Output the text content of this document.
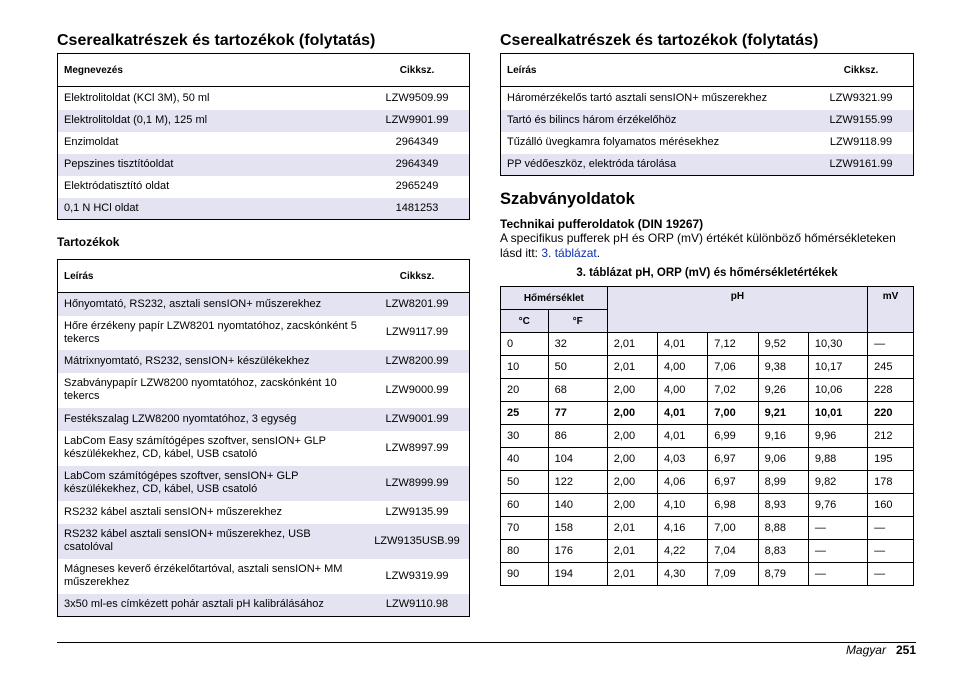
Cserealkatrészek és tartozékok (folytatás)
Megnevezés	Cikksz.
Elektrolitoldat (KCl 3M), 50 ml	LZW9509.99
Elektrolitoldat (0,1 M), 125 ml	LZW9901.99
Enzimoldat	2964349
Pepszines tisztítóoldat	2964349
Elektródatisztító oldat	2965249
0,1 N HCl oldat	1481253
Tartozékok
Leírás	Cikksz.
Hőnyomtató, RS232, asztali sensION+ műszerekhez	LZW8201.99
Hőre érzékeny papír LZW8201 nyomtatóhoz, zacskónként 5 tekercs	LZW9117.99
Mátrixnyomtató, RS232, sensION+ készülékekhez	LZW8200.99
Szabványpapír LZW8200 nyomtatóhoz, zacskónként 10 tekercs	LZW9000.99
Festékszalag LZW8200 nyomtatóhoz, 3 egység	LZW9001.99
LabCom Easy számítógépes szoftver, sensION+ GLP készülékekhez, CD, kábel, USB csatoló	LZW8997.99
LabCom számítógépes szoftver, sensION+ GLP készülékekhez, CD, kábel, USB csatoló	LZW8999.99
RS232 kábel asztali sensION+ műszerekhez	LZW9135.99
RS232 kábel asztali sensION+ műszerekhez, USB csatolóval	LZW9135USB.99
Mágneses keverő érzékelőtartóval, asztali sensION+ MM műszerekhez	LZW9319.99
3x50 ml-es címkézett pohár asztali pH kalibrálásához	LZW9110.98
Cserealkatrészek és tartozékok (folytatás)
Leírás	Cikksz.
Háromérzékelős tartó asztali sensION+ műszerekhez	LZW9321.99
Tartó és bilincs három érzékelőhöz	LZW9155.99
Tűzálló üvegkamra folyamatos mérésekhez	LZW9118.99
PP védőeszköz, elektróda tárolása	LZW9161.99
Szabványoldatok
Technikai pufferoldatok (DIN 19267)
A specifikus pufferek pH és ORP (mV) értékét különböző hőmérsékleteken lásd itt: 3. táblázat.
3. táblázat pH, ORP (mV) és hőmérsékletértékek
Hőmérséklet		pH					mV
°C	°F						
0	32	2,01	4,01	7,12	9,52	10,30	—
10	50	2,01	4,00	7,06	9,38	10,17	245
20	68	2,00	4,00	7,02	9,26	10,06	228
25	77	2,00	4,01	7,00	9,21	10,01	220
30	86	2,00	4,01	6,99	9,16	9,96	212
40	104	2,00	4,03	6,97	9,06	9,88	195
50	122	2,00	4,06	6,97	8,99	9,82	178
60	140	2,00	4,10	6,98	8,93	9,76	160
70	158	2,01	4,16	7,00	8,88	—	—
80	176	2,01	4,22	7,04	8,83	—	—
90	194	2,01	4,30	7,09	8,79	—	—
Magyar 251
